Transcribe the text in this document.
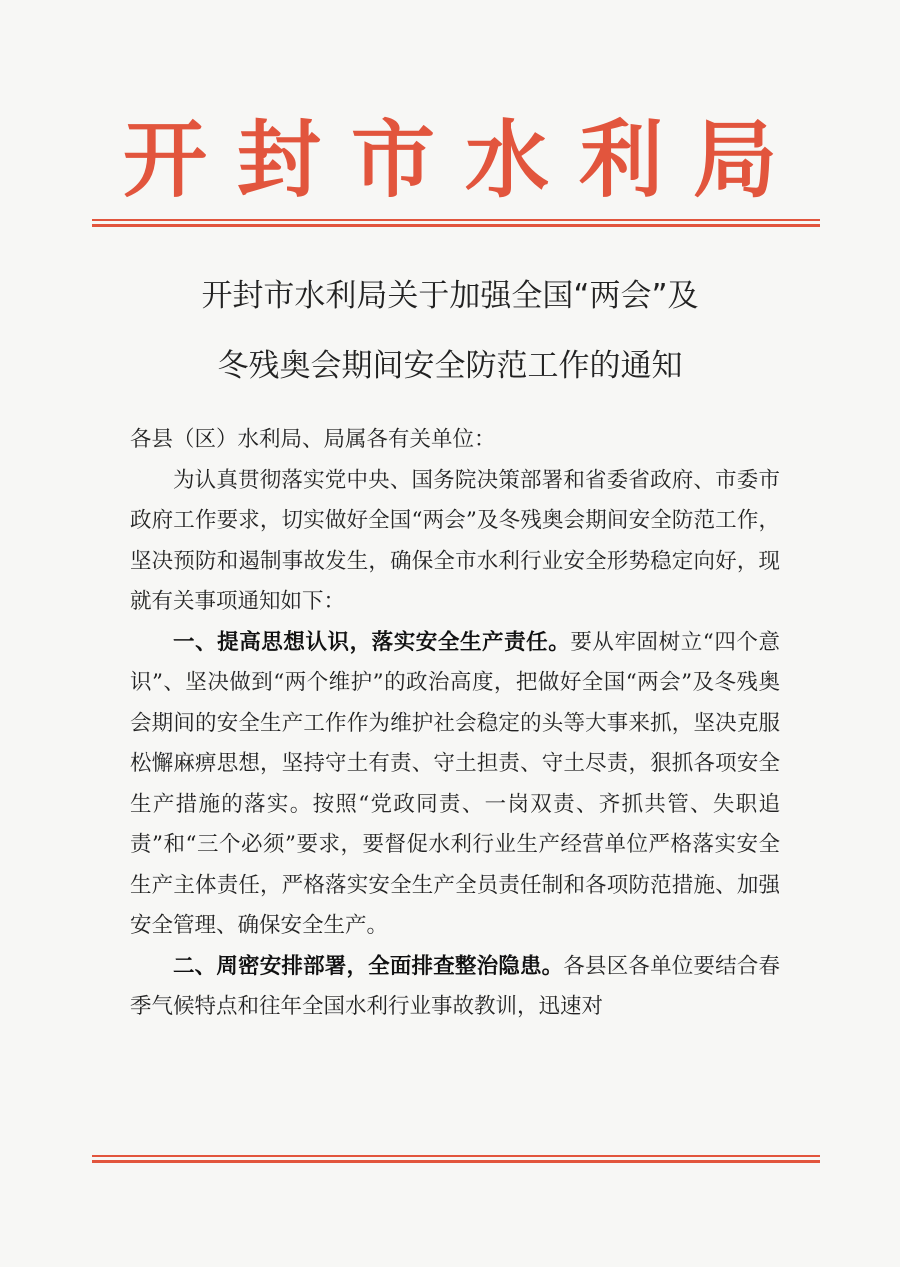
开封市水利局
开封市水利局关于加强全国“两会”及
冬残奥会期间安全防范工作的通知

各县（区）水利局、局属各有关单位：

为认真贯彻落实党中央、国务院决策部署和省委省政府、市委市政府工作要求，切实做好全国“两会”及冬残奥会期间安全防范工作，坚决预防和遏制事故发生，确保全市水利行业安全形势稳定向好，现就有关事项通知如下：

一、提高思想认识，落实安全生产责任。要从牢固树立“四个意识”、坚决做到“两个维护”的政治高度，把做好全国“两会”及冬残奥会期间的安全生产工作作为维护社会稳定的头等大事来抓，坚决克服松懈麻痹思想，坚持守土有责、守土担责、守土尽责，狠抓各项安全生产措施的落实。按照“党政同责、一岗双责、齐抓共管、失职追责”和“三个必须”要求，要督促水利行业生产经营单位严格落实安全生产主体责任，严格落实安全生产全员责任制和各项防范措施、加强安全管理、确保安全生产。

二、周密安排部署，全面排查整治隐患。各县区各单位要结合春季气候特点和往年全国水利行业事故教训，迅速对
